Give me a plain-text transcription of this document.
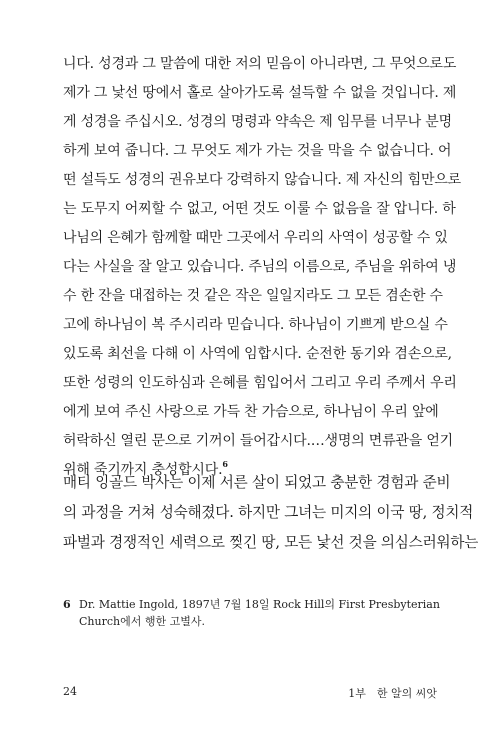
니다. 성경과 그 말씀에 대한 저의 믿음이 아니라면, 그 무엇으로도
제가 그 낯선 땅에서 홀로 살아가도록 설득할 수 없을 것입니다. 제
게 성경을 주십시오. 성경의 명령과 약속은 제 임무를 너무나 분명
하게 보여 줍니다. 그 무엇도 제가 가는 것을 막을 수 없습니다. 어
떤 설득도 성경의 권유보다 강력하지 않습니다. 제 자신의 힘만으로
는 도무지 어찌할 수 없고, 어떤 것도 이룰 수 없음을 잘 압니다. 하
나님의 은혜가 함께할 때만 그곳에서 우리의 사역이 성공할 수 있
다는 사실을 잘 알고 있습니다. 주님의 이름으로, 주님을 위하여 냉
수 한 잔을 대접하는 것 같은 작은 일일지라도 그 모든 겸손한 수
고에 하나님이 복 주시리라 믿습니다. 하나님이 기쁘게 받으실 수
있도록 최선을 다해 이 사역에 임합시다. 순전한 동기와 겸손으로,
또한 성령의 인도하심과 은혜를 힘입어서 그리고 우리 주께서 우리
에게 보여 주신 사랑으로 가득 찬 가슴으로, 하나님이 우리 앞에
허락하신 열린 문으로 기꺼이 들어갑시다.…생명의 면류관을 얻기
위해 죽기까지 충성합시다.$^6$
매티 잉골드 박사는 이제 서른 살이 되었고 충분한 경험과 준비
의 과정을 거쳐 성숙해졌다. 하지만 그녀는 미지의 이국 땅, 정치적
파벌과 경쟁적인 세력으로 찢긴 땅, 모든 낯선 것을 의심스러워하는
6 Dr. Mattie Ingold, 1897년 7월 18일 Rock Hill의 First Presbyterian Church에서 행한 고별사.
24	1부　한 알의 씨앗
